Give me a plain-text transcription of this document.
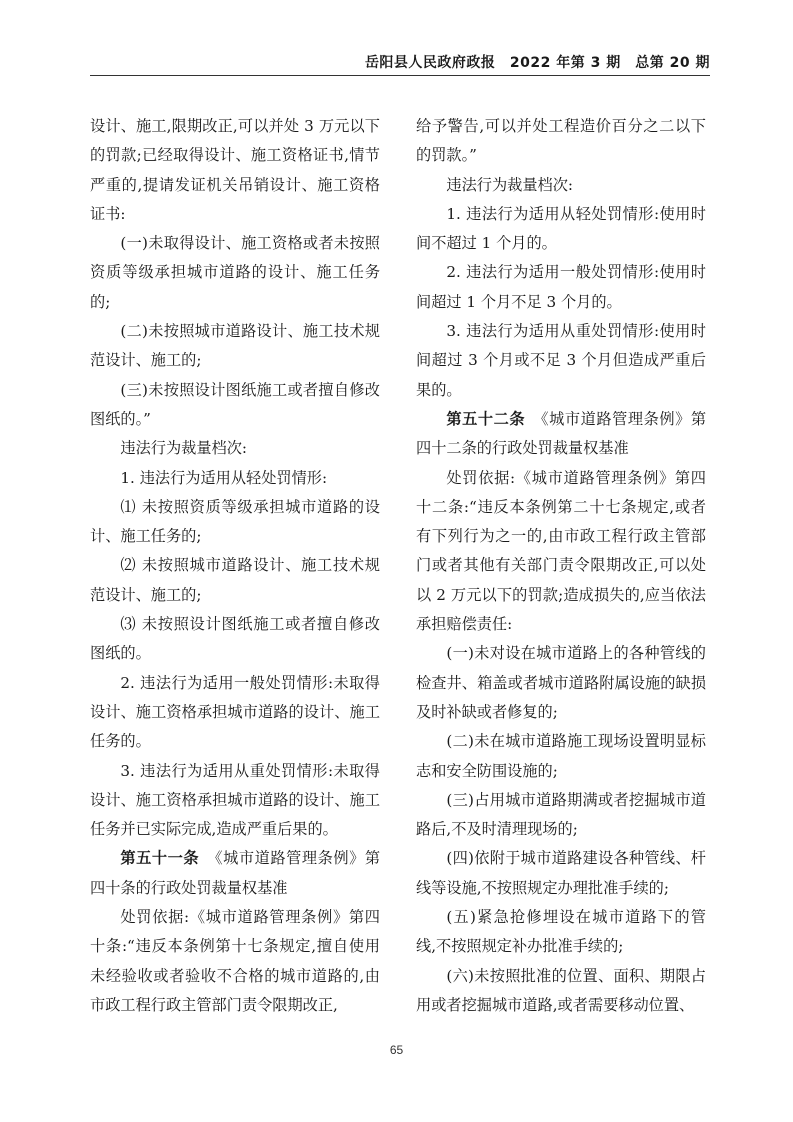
岳阳县人民政府政报　2022 年第 3 期　总第 20 期

设计、施工,限期改正,可以并处 3 万元以下的罚款;已经取得设计、施工资格证书,情节严重的,提请发证机关吊销设计、施工资格证书:

(一)未取得设计、施工资格或者未按照资质等级承担城市道路的设计、施工任务的;

(二)未按照城市道路设计、施工技术规范设计、施工的;

(三)未按照设计图纸施工或者擅自修改图纸的。”

违法行为裁量档次:

1. 违法行为适用从轻处罚情形:

⑴ 未按照资质等级承担城市道路的设计、施工任务的;

⑵ 未按照城市道路设计、施工技术规范设计、施工的;

⑶ 未按照设计图纸施工或者擅自修改图纸的。

2. 违法行为适用一般处罚情形:未取得设计、施工资格承担城市道路的设计、施工任务的。

3. 违法行为适用从重处罚情形:未取得设计、施工资格承担城市道路的设计、施工任务并已实际完成,造成严重后果的。

第五十一条　 《城市道路管理条例》第四十条的行政处罚裁量权基准

处罚依据:《城市道路管理条例》第四十条:“违反本条例第十七条规定,擅自使用未经验收或者验收不合格的城市道路的,由市政工程行政主管部门责令限期改正,

给予警告,可以并处工程造价百分之二以下的罚款。”

违法行为裁量档次:

1. 违法行为适用从轻处罚情形:使用时间不超过 1 个月的。

2. 违法行为适用一般处罚情形:使用时间超过 1 个月不足 3 个月的。

3. 违法行为适用从重处罚情形:使用时间超过 3 个月或不足 3 个月但造成严重后果的。

第五十二条　 《城市道路管理条例》第四十二条的行政处罚裁量权基准

处罚依据:《城市道路管理条例》第四十二条:“违反本条例第二十七条规定,或者有下列行为之一的,由市政工程行政主管部门或者其他有关部门责令限期改正,可以处以 2 万元以下的罚款;造成损失的,应当依法承担赔偿责任:

(一)未对设在城市道路上的各种管线的检查井、箱盖或者城市道路附属设施的缺损及时补缺或者修复的;

(二)未在城市道路施工现场设置明显标志和安全防围设施的;

(三)占用城市道路期满或者挖掘城市道路后,不及时清理现场的;

(四)依附于城市道路建设各种管线、杆线等设施,不按照规定办理批准手续的;

(五)紧急抢修埋设在城市道路下的管线,不按照规定补办批准手续的;

(六)未按照批准的位置、面积、期限占用或者挖掘城市道路,或者需要移动位置、

65
